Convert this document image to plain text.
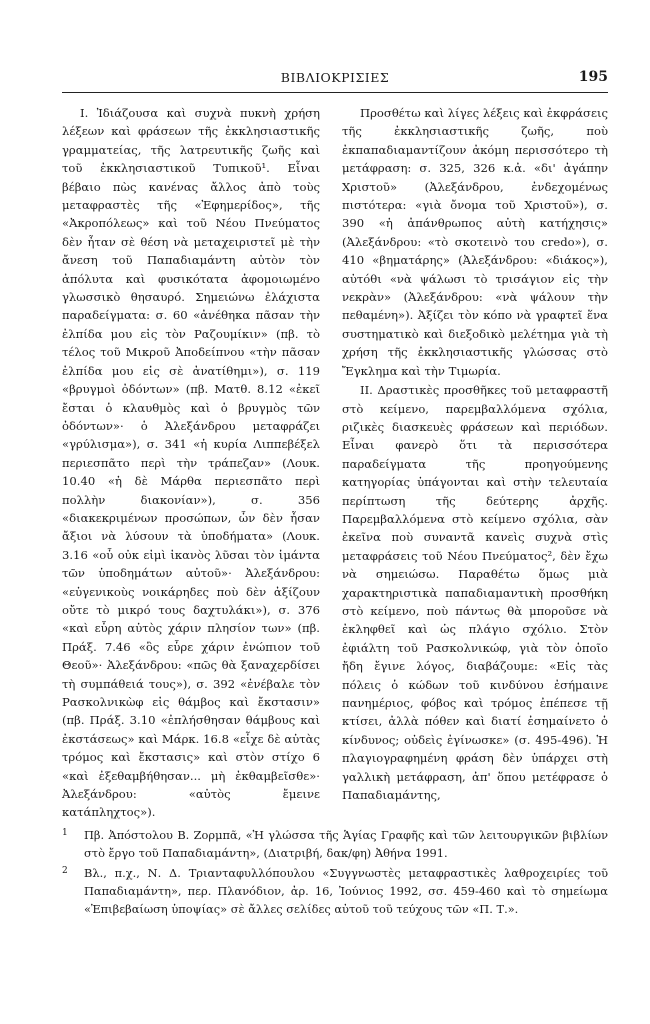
ΒΙΒΛΙΟΚΡΙΣΙΕΣ	195

Ι. Ἰδιάζουσα καὶ συχνὰ πυκνὴ χρήση λέξεων καὶ φράσεων τῆς ἐκκλησιαστικῆς γραμματείας, τῆς λατρευτικῆς ζωῆς καὶ τοῦ ἐκκλησιαστικοῦ Τυπικοῦ¹. Εἶναι βέβαιο πὼς κανένας ἄλλος ἀπὸ τοὺς μεταφραστὲς τῆς «Ἐφημερίδος», τῆς «Ἀκροπόλεως» καὶ τοῦ Νέου Πνεύματος δὲν ἦταν σὲ θέση νὰ μεταχειριστεῖ μὲ τὴν ἄνεση τοῦ Παπαδιαμάντη αὐτὸν τὸν ἀπόλυτα καὶ φυσικότατα ἀφομοιωμένο γλωσσικὸ θησαυρό. Σημειώνω ἐλάχιστα παραδείγματα: σ. 60 «ἀνέθηκα πᾶσαν τὴν ἐλπίδα μου εἰς τὸν Ραζουμίκιν» (πβ. τὸ τέλος τοῦ Μικροῦ Ἀποδείπνου «τὴν πᾶσαν ἐλπίδα μου εἰς σὲ ἀνατίθημι»), σ. 119 «βρυγμοὶ ὀδόντων» (πβ. Ματθ. 8.12 «ἐκεῖ ἔσται ὁ κλαυθμὸς καὶ ὁ βρυγμὸς τῶν ὀδόντων»· ὁ Ἀλεξάνδρου μεταφράζει «γρύλισμα»), σ. 341 «ἡ κυρία Λιππεβέξελ περιεσπᾶτο περὶ τὴν τράπεζαν» (Λουκ. 10.40 «ἡ δὲ Μάρθα περιεσπᾶτο περὶ πολλὴν διακονίαν»), σ. 356 «διακεκριμένων προσώπων, ὧν δὲν ἦσαν ἄξιοι νὰ λύσουν τὰ ὑποδήματα» (Λουκ. 3.16 «οὗ οὐκ εἰμὶ ἱκανὸς λῦσαι τὸν ἱμάντα τῶν ὑποδημάτων αὐτοῦ»· Ἀλεξάνδρου: «εὐγενικοὺς νοικάρηδες ποὺ δὲν ἀξίζουν οὔτε τὸ μικρό τους δαχτυλάκι»), σ. 376 «καὶ εὗρη αὐτὸς χάριν πλησίον των» (πβ. Πράξ. 7.46 «ὃς εὗρε χάριν ἐνώπιον τοῦ Θεοῦ»· Ἀλεξάνδρου: «πῶς θὰ ξαναχερδίσει τὴ συμπάθειά τους»), σ. 392 «ἐνέβαλε τὸν Ρασκολνικὼφ εἰς θάμβος καὶ ἔκστασιν» (πβ. Πράξ. 3.10 «ἐπλήσθησαν θάμβους καὶ ἐκστάσεως» καὶ Μάρκ. 16.8 «εἶχε δὲ αὐτὰς τρόμος καὶ ἔκστασις» καὶ στὸν στίχο 6 «καὶ ἐξεθαμβήθησαν... μὴ ἐκθαμβεῖσθε»· Ἀλεξάνδρου: «αὐτὸς ἔμεινε κατάπληχτος»).

Προσθέτω καὶ λίγες λέξεις καὶ ἐκφράσεις τῆς ἐκκλησιαστικῆς ζωῆς, ποὺ ἐκπαπαδιαμαντίζουν ἀκόμη περισσότερο τὴ μετάφραση: σ. 325, 326 κ.ἀ. «δι' ἀγάπην Χριστοῦ» (Ἀλεξάνδρου, ἐνδεχομένως πιστότερα: «γιὰ ὄνομα τοῦ Χριστοῦ»), σ. 390 «ἡ ἀπάνθρωπος αὐτὴ κατήχησις» (Ἀλεξάνδρου: «τὸ σκοτεινὸ του credo»), σ. 410 «βηματάρης» (Ἀλεξάνδρου: «διάκος»), αὐτόθι «νὰ ψάλωσι τὸ τρισάγιον εἰς τὴν νεκρὰν» (Ἀλεξάνδρου: «νὰ ψάλουν τὴν πεθαμένη»). Ἀξίζει τὸν κόπο νὰ γραφτεῖ ἕνα συστηματικὸ καὶ διεξοδικὸ μελέτημα γιὰ τὴ χρήση τῆς ἐκκλησιαστικῆς γλώσσας στὸ Ἔγκλημα καὶ τὴν Τιμωρία.

ΙΙ. Δραστικὲς προσθῆκες τοῦ μεταφραστῆ στὸ κείμενο, παρεμβαλλόμενα σχόλια, ριζικὲς διασκευὲς φράσεων καὶ περιόδων. Εἶναι φανερὸ ὅτι τὰ περισσότερα παραδείγματα τῆς προηγούμενης κατηγορίας ὑπάγονται καὶ στὴν τελευταία περίπτωση τῆς δεύτερης ἀρχῆς. Παρεμβαλλόμενα στὸ κείμενο σχόλια, σὰν ἐκεῖνα ποὺ συναντᾶ κανεὶς συχνὰ στὶς μεταφράσεις τοῦ Νέου Πνεύματος², δὲν ἔχω νὰ σημειώσω. Παραθέτω ὅμως μιὰ χαρακτηριστικὰ παπαδιαμαντικὴ προσθήκη στὸ κείμενο, ποὺ πάντως θὰ μποροῦσε νὰ ἐκληφθεῖ καὶ ὡς πλάγιο σχόλιο. Στὸν ἐφιάλτη τοῦ Ρασκολνικώφ, γιὰ τὸν ὁποῖο ἤδη ἔγινε λόγος, διαβάζουμε: «Εἰς τὰς πόλεις ὁ κώδων τοῦ κινδύνου ἐσήμαινε πανημέριος, φόβος καὶ τρόμος ἐπέπεσε τῇ κτίσει, ἀλλὰ πόθεν καὶ διατί ἐσημαίνετο ὁ κίνδυνος; οὐδεὶς ἐγίνωσκε» (σ. 495-496). Ἡ πλαγιογραφημένη φράση δὲν ὑπάρχει στὴ γαλλικὴ μετάφραση, ἀπ' ὅπου μετέφρασε ὁ Παπαδιαμάντης,

1 Πβ. Ἀπόστολου Β. Ζορμπᾶ, «Ἡ γλώσσα τῆς Ἁγίας Γραφῆς καὶ τῶν λειτουργικῶν βιβλίων στὸ ἔργο τοῦ Παπαδιαμάντη», (Διατριβή, δακ/φη) Ἀθήνα 1991.
2 Βλ., π.χ., Ν. Δ. Τριανταφυλλόπουλου «Συγγνωστὲς μεταφραστικὲς λαθροχειρίες τοῦ Παπαδιαμάντη», περ. Πλανόδιον, ἀρ. 16, Ἰούνιος 1992, σσ. 459-460 καὶ τὸ σημείωμα «Ἐπιβεβαίωση ὑποψίας» σὲ ἄλλες σελίδες αὐτοῦ τοῦ τεύχους τῶν «Π. Τ.».
